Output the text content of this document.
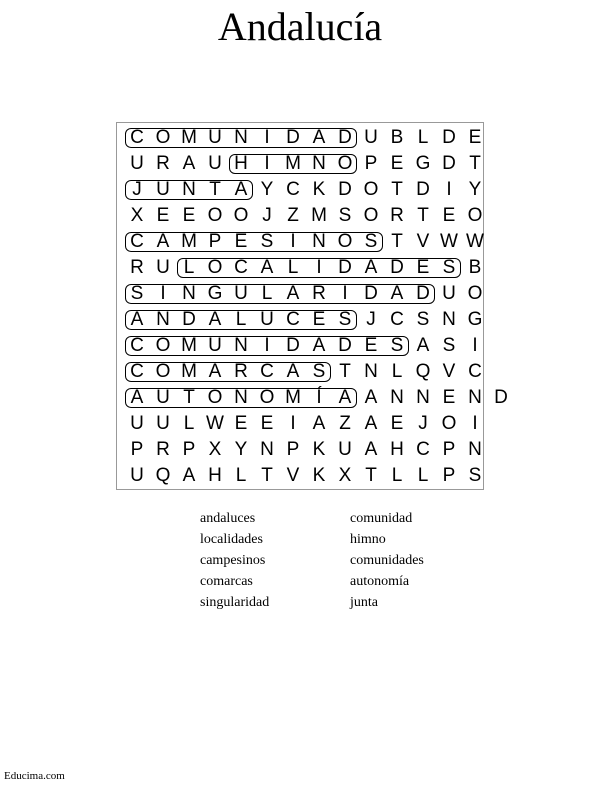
Andalucía
C O M U N I D A D U B L D E
U R A U H I M N O P E G D T
J U N T A Y C K D O T D I Y
X E E O O J Z M S O R T E O
C A M P E S I N O S T V W W
R U L O C A L I D A D E S B
S I N G U L A R I D A D U O
A N D A L U C E S J C S N G
C O M U N I D A D E S A S I
C O M A R C A S T N L Q V C
A U T O N O M Í A A N N E N D
U U L W E E I A Z A E J O I
P R P X Y N P K U A H C P N
U Q A H L T V K X T L L P S
andaluces
localidades
campesinos
comarcas
singularidad
comunidad
himno
comunidades
autonomía
junta
Educima.com
